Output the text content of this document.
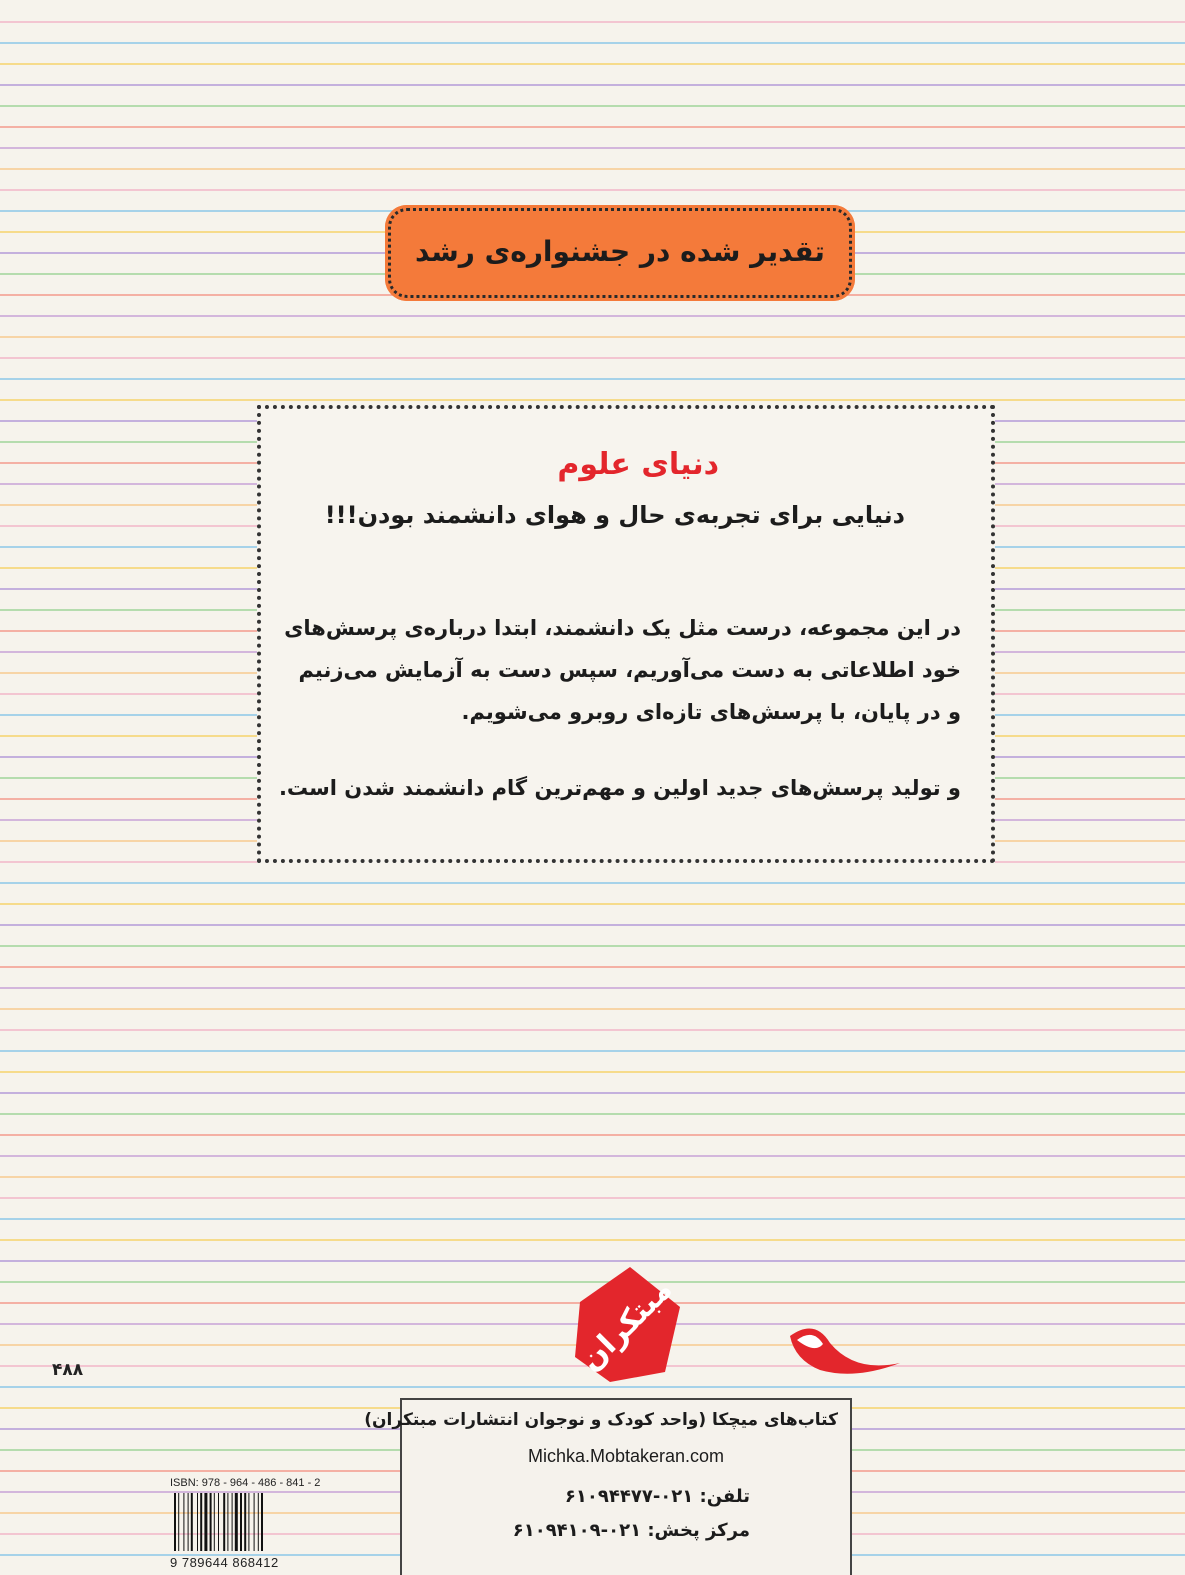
تقدیر شده در جشنواره‌ی رشد
دنیای علوم
دنیایی برای تجربه‌ی حال و هوای دانشمند بودن!!!
در این مجموعه، درست مثل یک دانشمند، ابتدا درباره‌ی پرسش‌های
خود اطلاعاتی به دست می‌آوریم، سپس دست به آزمایش می‌زنیم
و در پایان، با پرسش‌های تازه‌ای روبرو می‌شویم.
و تولید پرسش‌های جدید اولین و مهم‌ترین گام دانشمند شدن است.
۴۸۸	مبتکران
کتاب‌های میچکا (واحد کودک و نوجوان انتشارات مبتکران)
Michka.Mobtakeran.com
تلفن: ۰۲۱-۶۱۰۹۴۴۷۷
مرکز پخش: ۰۲۱-۶۱۰۹۴۱۰۹
ISBN: 978 - 964 - 486 - 841 - 2
9 789644 868412
